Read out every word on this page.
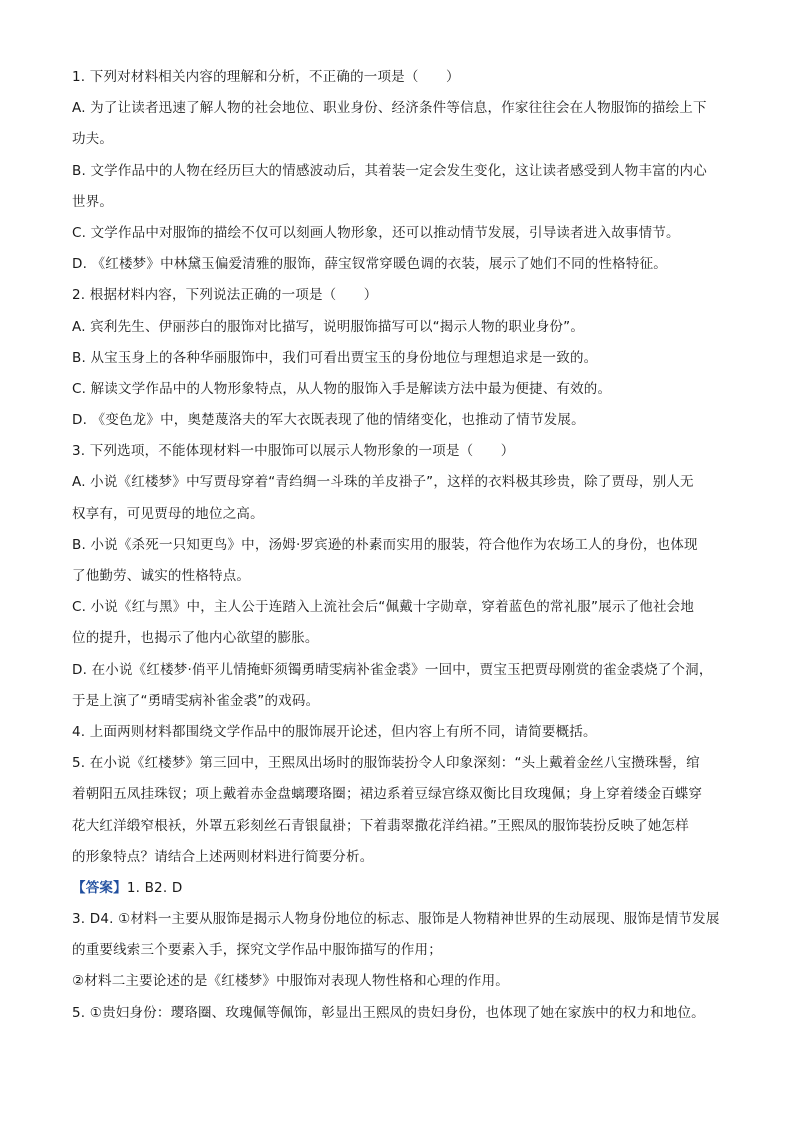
1. 下列对材料相关内容的理解和分析，不正确的一项是（　　）
A. 为了让读者迅速了解人物的社会地位、职业身份、经济条件等信息，作家往往会在人物服饰的描绘上下
功夫。
B. 文学作品中的人物在经历巨大的情感波动后，其着装一定会发生变化，这让读者感受到人物丰富的内心
世界。
C. 文学作品中对服饰的描绘不仅可以刻画人物形象，还可以推动情节发展，引导读者进入故事情节。
D. 《红楼梦》中林黛玉偏爱清雅的服饰，薛宝钗常穿暖色调的衣装，展示了她们不同的性格特征。
2. 根据材料内容，下列说法正确的一项是（　　）
A. 宾利先生、伊丽莎白的服饰对比描写，说明服饰描写可以“揭示人物的职业身份”。
B. 从宝玉身上的各种华丽服饰中，我们可看出贾宝玉的身份地位与理想追求是一致的。
C. 解读文学作品中的人物形象特点，从人物的服饰入手是解读方法中最为便捷、有效的。
D. 《变色龙》中，奥楚蔑洛夫的军大衣既表现了他的情绪变化，也推动了情节发展。
3. 下列选项，不能体现材料一中服饰可以展示人物形象的一项是（　　）
A. 小说《红楼梦》中写贾母穿着“青绉绸一斗珠的羊皮褂子”，这样的衣料极其珍贵，除了贾母，别人无
权享有，可见贾母的地位之高。
B. 小说《杀死一只知更鸟》中，汤姆·罗宾逊的朴素而实用的服装，符合他作为农场工人的身份，也体现
了他勤劳、诚实的性格特点。
C. 小说《红与黑》中，主人公于连踏入上流社会后“佩戴十字勋章，穿着蓝色的常礼服”展示了他社会地
位的提升，也揭示了他内心欲望的膨胀。
D. 在小说《红楼梦·俏平儿情掩虾须镯勇晴雯病补雀金裘》一回中，贾宝玉把贾母刚赏的雀金裘烧了个洞，
于是上演了“勇晴雯病补雀金裘”的戏码。
4. 上面两则材料都围绕文学作品中的服饰展开论述，但内容上有所不同，请简要概括。
5. 在小说《红楼梦》第三回中，王熙凤出场时的服饰装扮令人印象深刻：“头上戴着金丝八宝攒珠髻，绾
着朝阳五凤挂珠钗；项上戴着赤金盘螭璎珞圈；裙边系着豆绿宫绦双衡比目玫瑰佩；身上穿着缕金百蝶穿
花大红洋缎窄根袄，外罩五彩刻丝石青银鼠褂；下着翡翠撒花洋绉裙。”王熙凤的服饰装扮反映了她怎样
的形象特点？请结合上述两则材料进行简要分析。
【答案】1. B2. D
3. D4. ①材料一主要从服饰是揭示人物身份地位的标志、服饰是人物精神世界的生动展现、服饰是情节发展
的重要线索三个要素入手，探究文学作品中服饰描写的作用；
②材料二主要论述的是《红楼梦》中服饰对表现人物性格和心理的作用。
5. ①贵妇身份：璎珞圈、玫瑰佩等佩饰，彰显出王熙凤的贵妇身份，也体现了她在家族中的权力和地位。
